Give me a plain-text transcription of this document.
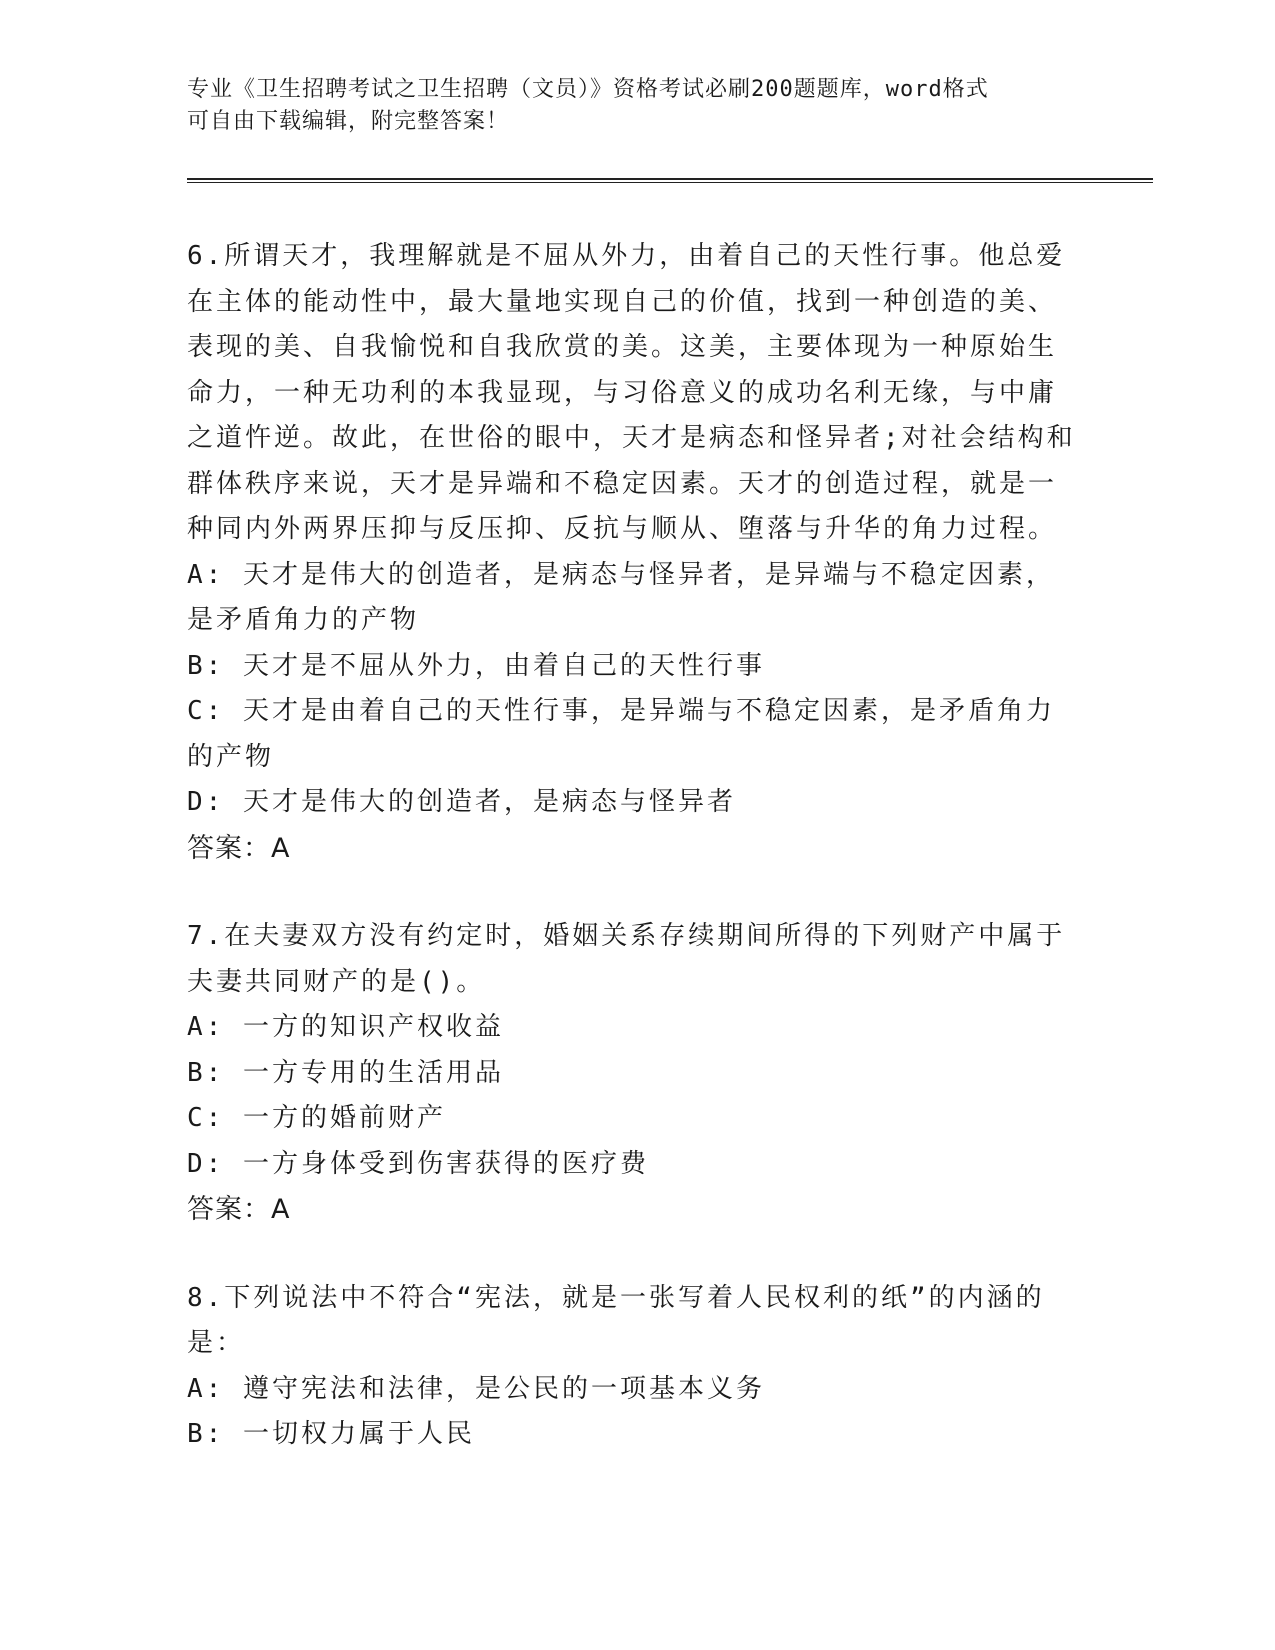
专业《卫生招聘考试之卫生招聘（文员）》资格考试必刷200题题库，word格式
可自由下载编辑，附完整答案！

6.所谓天才，我理解就是不屈从外力，由着自己的天性行事。他总爱在主体的能动性中，最大量地实现自己的价值，找到一种创造的美、表现的美、自我愉悦和自我欣赏的美。这美，主要体现为一种原始生命力，一种无功利的本我显现，与习俗意义的成功名利无缘，与中庸之道忤逆。故此，在世俗的眼中，天才是病态和怪异者;对社会结构和群体秩序来说，天才是异端和不稳定因素。天才的创造过程，就是一种同内外两界压抑与反压抑、反抗与顺从、堕落与升华的角力过程。

A: 天才是伟大的创造者，是病态与怪异者，是异端与不稳定因素，是矛盾角力的产物

B: 天才是不屈从外力，由着自己的天性行事

C: 天才是由着自己的天性行事，是异端与不稳定因素，是矛盾角力的产物

D: 天才是伟大的创造者，是病态与怪异者

答案：A

7.在夫妻双方没有约定时，婚姻关系存续期间所得的下列财产中属于夫妻共同财产的是()。

A: 一方的知识产权收益

B: 一方专用的生活用品

C: 一方的婚前财产

D: 一方身体受到伤害获得的医疗费

答案：A

8.下列说法中不符合“宪法，就是一张写着人民权利的纸”的内涵的是：

A: 遵守宪法和法律，是公民的一项基本义务

B: 一切权力属于人民
